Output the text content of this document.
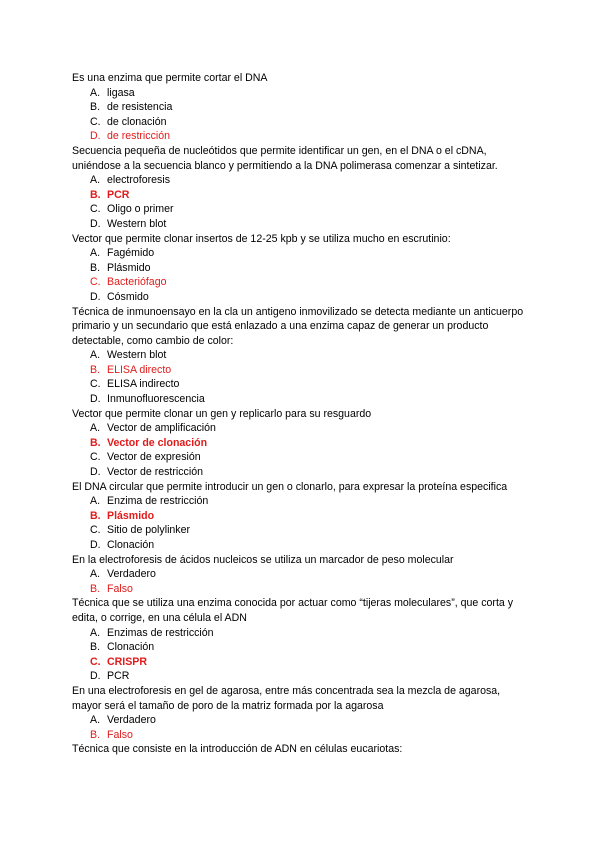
Es una enzima que permite cortar el DNA

A. ligasa
B. de resistencia
C. de clonación
D. de restricción

Secuencia pequeña de nucleótidos que permite identificar un gen, en el DNA o el cDNA, uniéndose a la secuencia blanco y permitiendo a la DNA polimerasa comenzar a sintetizar.

A. electroforesis
B. PCR
C. Oligo o primer
D. Western blot

Vector que permite clonar insertos de 12-25 kpb y se utiliza mucho en escrutinio:

A. Fagémido
B. Plásmido
C. Bacteriófago
D. Cósmido

Técnica de inmunoensayo en la cla un antigeno inmovilizado se detecta mediante un anticuerpo primario y un secundario que está enlazado a una enzima capaz de generar un producto detectable, como cambio de color:

A. Western blot
B. ELISA directo
C. ELISA indirecto
D. Inmunofluorescencia

Vector que permite clonar un gen y replicarlo para su resguardo

A. Vector de amplificación
B. Vector de clonación
C. Vector de expresión
D. Vector de restricción

El DNA circular que permite introducir un gen o clonarlo, para expresar la proteína especifica

A. Enzima de restricción
B. Plásmido
C. Sitio de polylinker
D. Clonación

En la electroforesis de ácidos nucleicos se utiliza un marcador de peso molecular

A. Verdadero
B. Falso

Técnica que se utiliza una enzima conocida por actuar como “tijeras moleculares”, que corta y edita, o corrige, en una célula el ADN

A. Enzimas de restricción
B. Clonación
C. CRISPR
D. PCR

En una electroforesis en gel de agarosa, entre más concentrada sea la mezcla de agarosa, mayor será el tamaño de poro de la matriz formada por la agarosa

A. Verdadero
B. Falso

Técnica que consiste en la introducción de ADN en células eucariotas:
